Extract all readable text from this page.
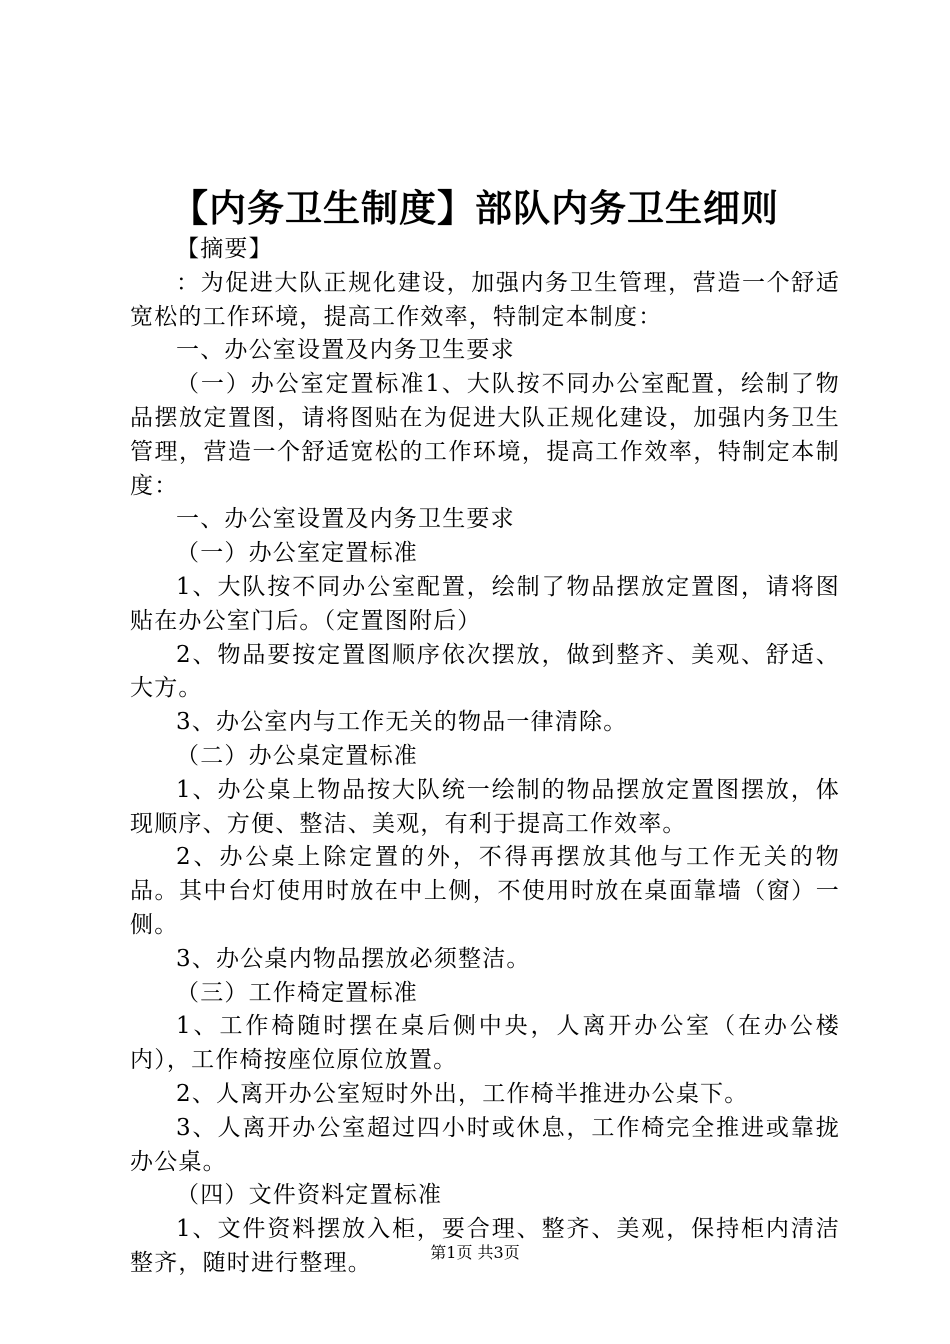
【内务卫生制度】部队内务卫生细则

【摘要】

：为促进大队正规化建设，加强内务卫生管理，营造一个舒适宽松的工作环境，提高工作效率，特制定本制度：

一、办公室设置及内务卫生要求

（一）办公室定置标准1、大队按不同办公室配置，绘制了物品摆放定置图，请将图贴在为促进大队正规化建设，加强内务卫生管理，营造一个舒适宽松的工作环境，提高工作效率，特制定本制度：

一、办公室设置及内务卫生要求

（一）办公室定置标准

1、大队按不同办公室配置，绘制了物品摆放定置图，请将图贴在办公室门后。（定置图附后）

2、物品要按定置图顺序依次摆放，做到整齐、美观、舒适、大方。

3、办公室内与工作无关的物品一律清除。

（二）办公桌定置标准

1、办公桌上物品按大队统一绘制的物品摆放定置图摆放，体现顺序、方便、整洁、美观，有利于提高工作效率。

2、办公桌上除定置的外，不得再摆放其他与工作无关的物品。其中台灯使用时放在中上侧，不使用时放在桌面靠墙（窗）一侧。

3、办公桌内物品摆放必须整洁。

（三）工作椅定置标准

1、工作椅随时摆在桌后侧中央，人离开办公室（在办公楼内），工作椅按座位原位放置。

2、人离开办公室短时外出，工作椅半推进办公桌下。

3、人离开办公室超过四小时或休息，工作椅完全推进或靠拢办公桌。

（四）文件资料定置标准

1、文件资料摆放入柜，要合理、整齐、美观，保持柜内清洁整齐，随时进行整理。	第1页 共3页
